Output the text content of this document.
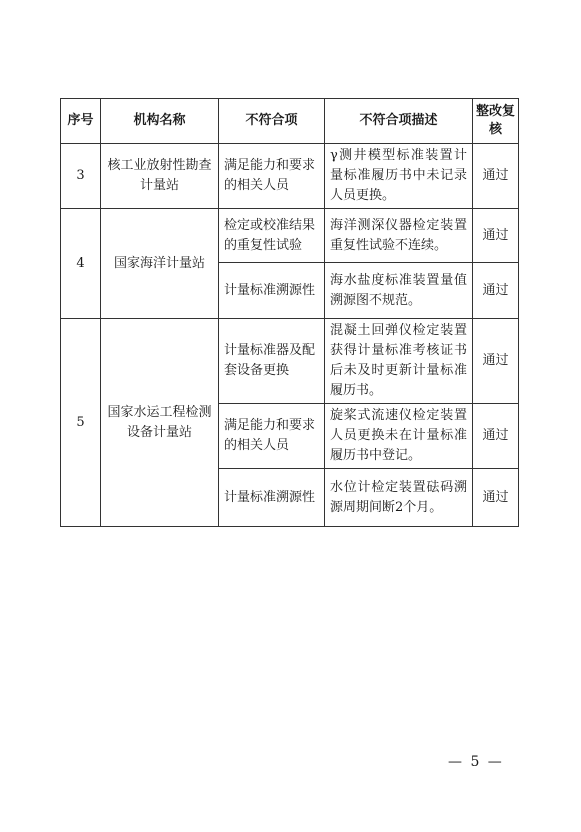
序号	机构名称	不符合项	不符合项描述	整改复核
3	核工业放射性勘查计量站	满足能力和要求的相关人员	γ测井模型标准装置计量标准履历书中未记录人员更换。	通过
4	国家海洋计量站	检定或校准结果的重复性试验	海洋测深仪器检定装置重复性试验不连续。	通过
		计量标准溯源性	海水盐度标准装置量值溯源图不规范。	通过
5	国家水运工程检测设备计量站	计量标准器及配套设备更换	混凝土回弹仪检定装置获得计量标准考核证书后未及时更新计量标准履历书。	通过
		满足能力和要求的相关人员	旋桨式流速仪检定装置人员更换未在计量标准履历书中登记。	通过
		计量标准溯源性	水位计检定装置砝码溯源周期间断2个月。	通过
— 5 —
